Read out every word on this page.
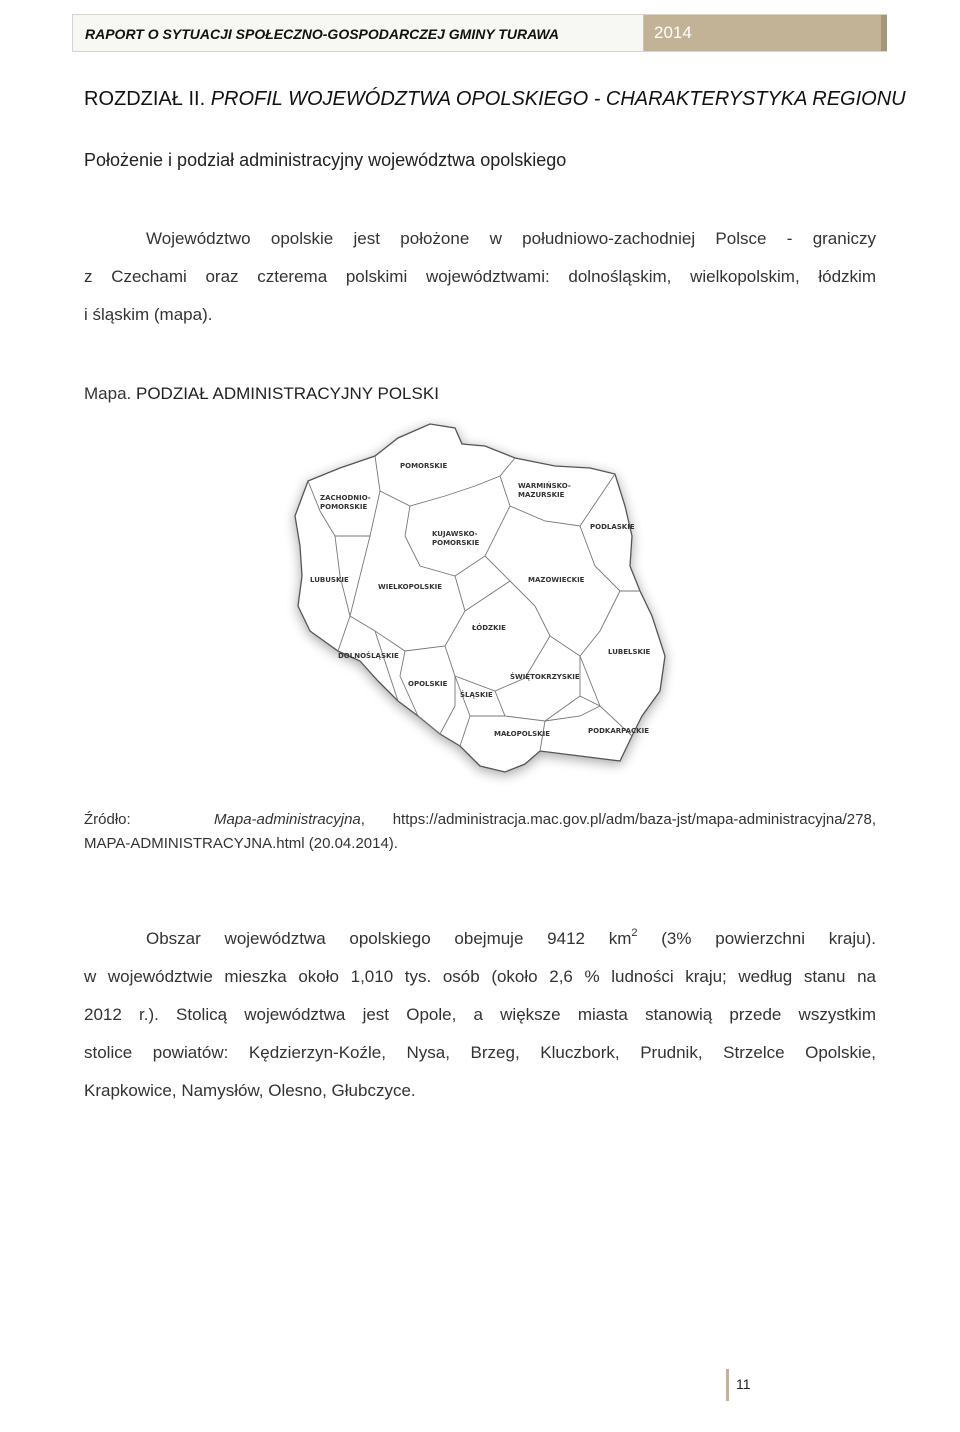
RAPORT O SYTUACJI SPOŁECZNO-GOSPODARCZEJ GMINY TURAWA	2014
ROZDZIAŁ II. PROFIL WOJEWÓDZTWA OPOLSKIEGO - CHARAKTERYSTYKA REGIONU
Położenie i podział administracyjny województwa opolskiego
Województwo opolskie jest położone w południowo-zachodniej Polsce - graniczy
z Czechami oraz czterema polskimi województwami: dolnośląskim, wielkopolskim, łódzkim
i śląskim (mapa).
Mapa. PODZIAŁ ADMINISTRACYJNY POLSKI
POMORSKIE
WARMIŃSKO-
MAZURSKIE
ZACHODNIO-
POMORSKIE
PODLASKIE
KUJAWSKO-
POMORSKIE
LUBUSKIE
WIELKOPOLSKIE
MAZOWIECKIE
ŁÓDZKIE
DOLNOŚLĄSKIE	LUBELSKIE
ŚWIĘTOKRZYSKIE
OPOLSKIE
ŚLĄSKIE
MAŁOPOLSKIE	PODKARPACKIE
Źródło:	Mapa-administracyjna, https://administracja.mac.gov.pl/adm/baza-jst/mapa-administracyjna/278,
MAPA-ADMINISTRACYJNA.html (20.04.2014).
Obszar województwa opolskiego obejmuje 9412 $km^2$ (3% powierzchni kraju).
w województwie mieszka około 1,010 tys. osób (około 2,6 % ludności kraju; według stanu na
2012 r.). Stolicą województwa jest Opole, a większe miasta stanowią przede wszystkim
stolice powiatów: Kędzierzyn-Koźle, Nysa, Brzeg, Kluczbork, Prudnik, Strzelce Opolskie,
Krapkowice, Namysłów, Olesno, Głubczyce.
11
